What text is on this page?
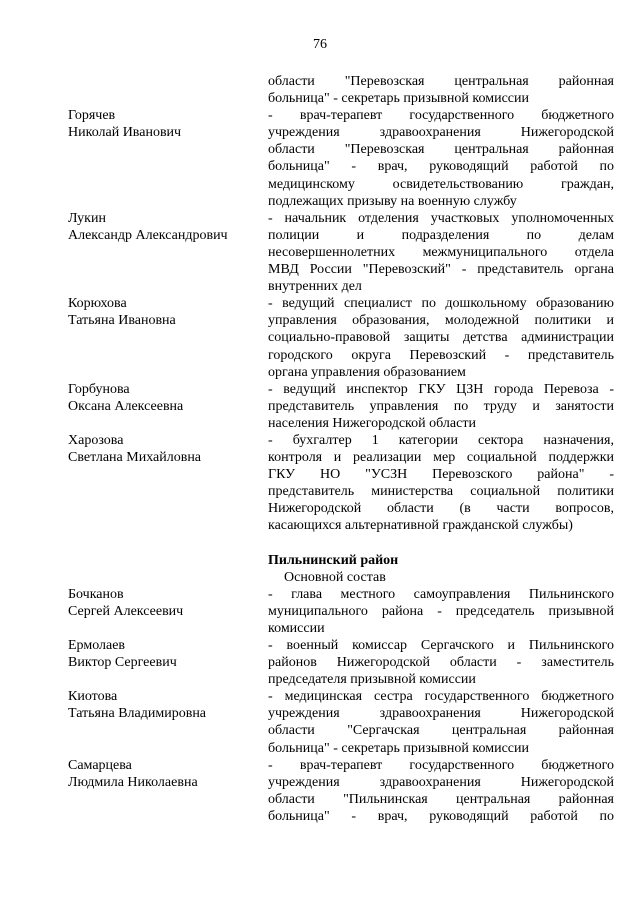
76
области "Перевозская центральная районная
больница" - секретарь призывной комиссии
Горячев
Николай Иванович
- врач-терапевт государственного бюджетного
учреждения здравоохранения Нижегородской
области "Перевозская центральная районная
больница" - врач, руководящий работой по
медицинскому освидетельствованию граждан,
подлежащих призыву на военную службу
Лукин
Александр Александрович
- начальник отделения участковых уполномоченных
полиции и подразделения по делам
несовершеннолетних межмуниципального отдела
МВД России "Перевозский" - представитель органа
внутренних дел
Корюхова
Татьяна Ивановна
- ведущий специалист по дошкольному образованию
управления образования, молодежной политики и
социально-правовой защиты детства администрации
городского округа Перевозский - представитель
органа управления образованием
Горбунова
Оксана Алексеевна
- ведущий инспектор ГКУ ЦЗН города Перевоза -
представитель управления по труду и занятости
населения Нижегородской области
Харозова
Светлана Михайловна
- бухгалтер 1 категории сектора назначения,
контроля и реализации мер социальной поддержки
ГКУ НО "УСЗН Перевозского района" -
представитель министерства социальной политики
Нижегородской области (в части вопросов,
касающихся альтернативной гражданской службы)
Пильнинский район
Основной состав
Бочканов
Сергей Алексеевич
- глава местного самоуправления Пильнинского
муниципального района - председатель призывной
комиссии
Ермолаев
Виктор Сергеевич
- военный комиссар Сергачского и Пильнинского
районов Нижегородской области - заместитель
председателя призывной комиссии
Киотова
Татьяна Владимировна
- медицинская сестра государственного бюджетного
учреждения здравоохранения Нижегородской
области "Сергачская центральная районная
больница" - секретарь призывной комиссии
Самарцева
Людмила Николаевна
- врач-терапевт государственного бюджетного
учреждения здравоохранения Нижегородской
области "Пильнинская центральная районная
больница" - врач, руководящий работой по
